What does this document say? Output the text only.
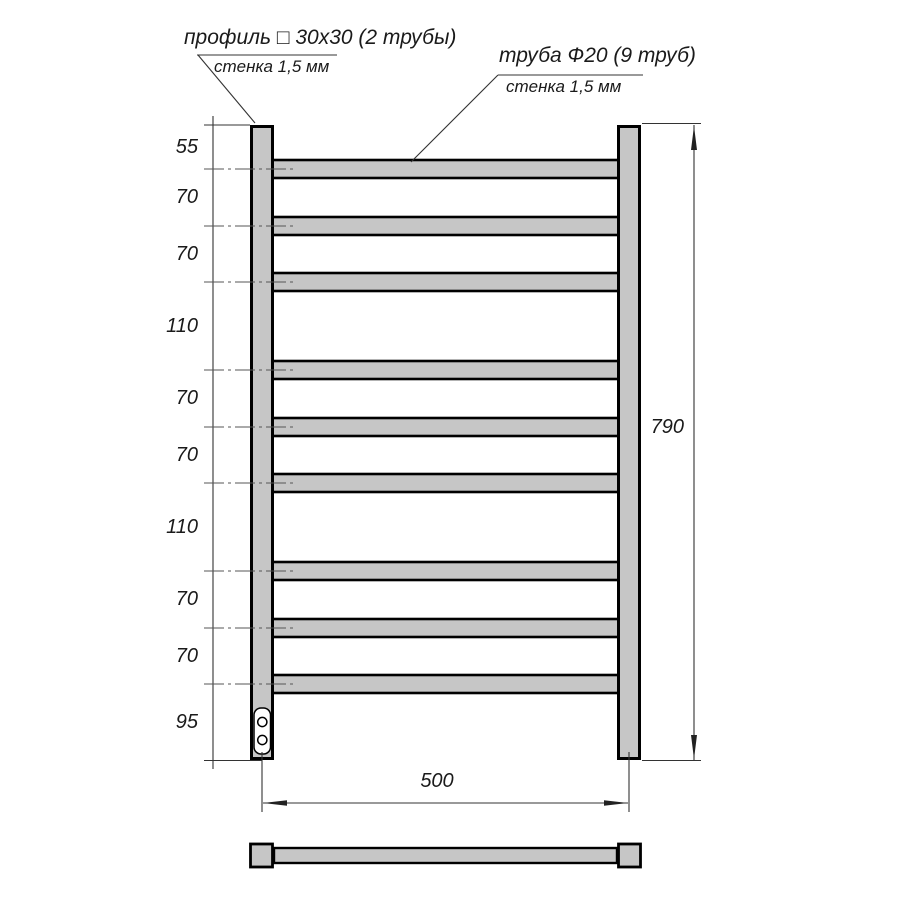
профиль □ 30x30 (2 трубы)
стенка 1,5 мм	труба Ф20 (9 труб)
стенка 1,5 мм
55
70
70
110
70
70
110
70
70
95
790
500
